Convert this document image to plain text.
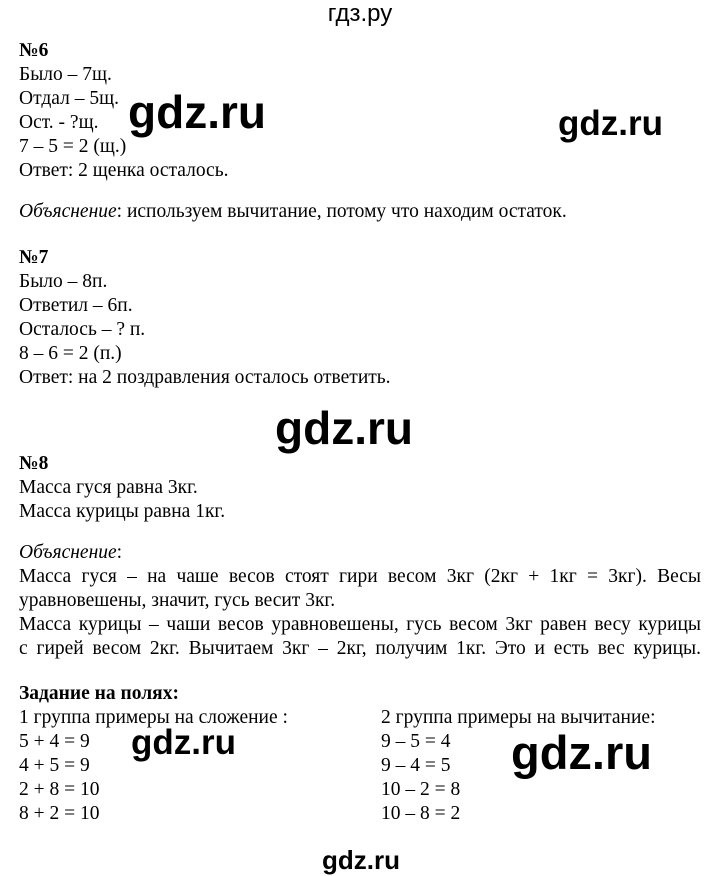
гдз.ру
№6
Было – 7щ.
Отдал – 5щ.
Ост. - ?щ.
7 – 5 = 2 (щ.)
Ответ: 2 щенка осталось.
Объяснение: используем вычитание, потому что находим остаток.
№7
Было – 8п.
Ответил – 6п.
Осталось – ? п.
8 – 6 = 2 (п.)
Ответ: на 2 поздравления осталось ответить.
№8
Масса гуся равна 3кг.
Масса курицы равна 1кг.
Объяснение:
Масса гуся – на чаше весов стоят гири весом 3кг (2кг + 1кг = 3кг). Весы
уравновешены, значит, гусь весит 3кг.
Масса курицы – чаши весов уравновешены, гусь весом 3кг равен весу курицы
с гирей весом 2кг. Вычитаем 3кг – 2кг, получим 1кг. Это и есть вес курицы.
Задание на полях:
1 группа примеры на сложение :
5 + 4 = 9
4 + 5 = 9
2 + 8 = 10
8 + 2 = 10
2 группа примеры на вычитание:
9 – 5 = 4
9 – 4 = 5
10 – 2 = 8
10 – 8 = 2
gdz.ru	gdz.ru
gdz.ru
gdz.ru	gdz.ru
gdz.ru
